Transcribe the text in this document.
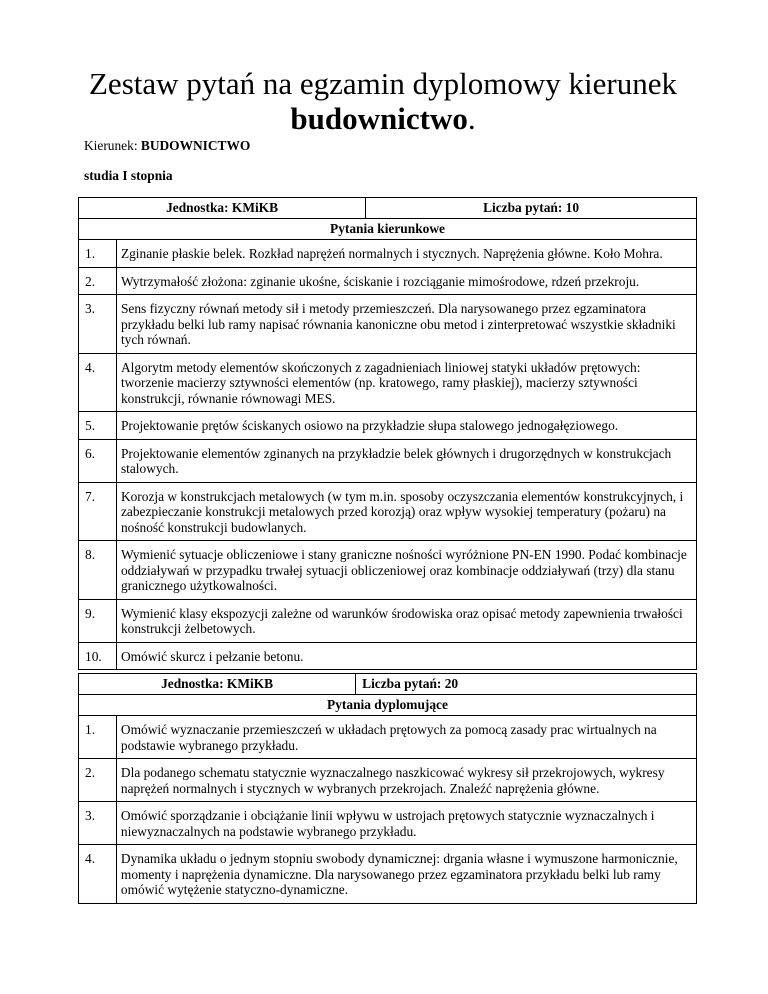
Zestaw pytań na egzamin dyplomowy kierunek
budownictwo.
Kierunek: BUDOWNICTWO
studia I stopnia
Jednostka: KMiKB		Liczba pytań: 10
Pytania kierunkowe		
1.	Zginanie płaskie belek. Rozkład naprężeń normalnych i stycznych. Naprężenia główne. Koło Mohra.	
2.	Wytrzymałość złożona: zginanie ukośne, ściskanie i rozciąganie mimośrodowe, rdzeń przekroju.	
3.	Sens fizyczny równań metody sił i metody przemieszczeń. Dla narysowanego przez egzaminatora przykładu belki lub ramy napisać równania kanoniczne obu metod i zinterpretować wszystkie składniki tych równań.	
4.	Algorytm metody elementów skończonych z zagadnieniach liniowej statyki układów prętowych: tworzenie macierzy sztywności elementów (np. kratowego, ramy płaskiej), macierzy sztywności konstrukcji, równanie równowagi MES.	
5.	Projektowanie prętów ściskanych osiowo na przykładzie słupa stalowego jednogałęziowego.	
6.	Projektowanie elementów zginanych na przykładzie belek głównych i drugorzędnych w konstrukcjach stalowych.	
7.	Korozja w konstrukcjach metalowych (w tym m.in. sposoby oczyszczania elementów konstrukcyjnych, i zabezpieczanie konstrukcji metalowych przed korozją) oraz wpływ wysokiej temperatury (pożaru) na nośność konstrukcji budowlanych.	
8.	Wymienić sytuacje obliczeniowe i stany graniczne nośności wyróżnione PN-EN 1990. Podać kombinacje oddziaływań w przypadku trwałej sytuacji obliczeniowej oraz kombinacje oddziaływań (trzy) dla stanu granicznego użytkowalności.	
9.	Wymienić klasy ekspozycji zależne od warunków środowiska oraz opisać metody zapewnienia trwałości konstrukcji żelbetowych.	
10.	Omówić skurcz i pełzanie betonu.	
Jednostka: KMiKB		Liczba pytań: 20
Pytania dyplomujące		
1.	Omówić wyznaczanie przemieszczeń w układach prętowych za pomocą zasady prac wirtualnych na podstawie wybranego przykładu.	
2.	Dla podanego schematu statycznie wyznaczalnego naszkicować wykresy sił przekrojowych, wykresy naprężeń normalnych i stycznych w wybranych przekrojach. Znaleźć naprężenia główne.	
3.	Omówić sporządzanie i obciążanie linii wpływu w ustrojach prętowych statycznie wyznaczalnych i niewyznaczalnych na podstawie wybranego przykładu.	
4.	Dynamika układu o jednym stopniu swobody dynamicznej: drgania własne i wymuszone harmonicznie, momenty i naprężenia dynamiczne. Dla narysowanego przez egzaminatora przykładu belki lub ramy omówić wytężenie statyczno-dynamiczne.	
